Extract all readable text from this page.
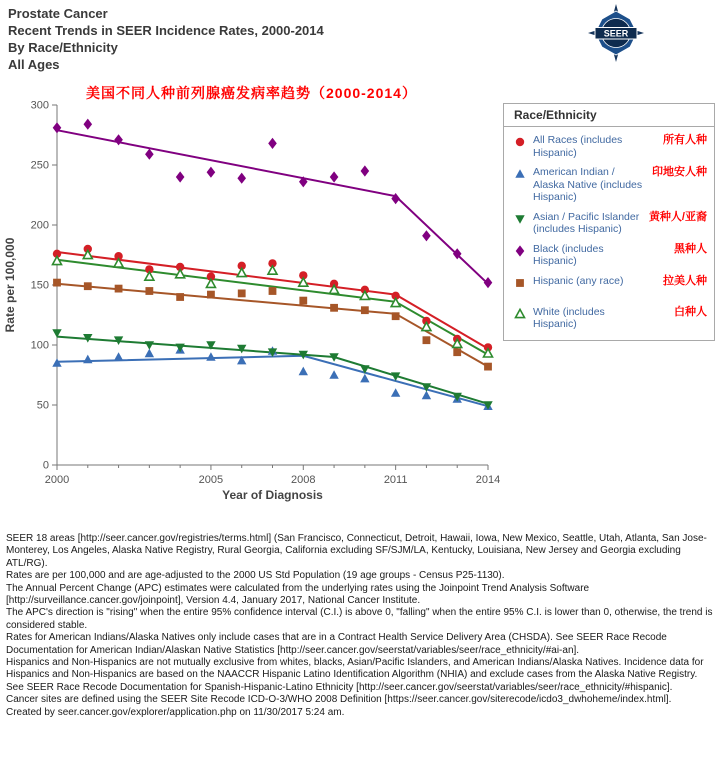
Prostate Cancer
Recent Trends in SEER Incidence Rates, 2000-2014
By Race/Ethnicity
All Ages
SEER
美国不同人种前列腺癌发病率趋势（2000-2014）
0
50
100
150
200
250
300
2000	2005	2008	2011	2014
Year of Diagnosis
Rate per 100,000
Race/Ethnicity
All Races (includes Hispanic)
所有人种
American Indian / Alaska Native (includes Hispanic)
印地安人种
Asian / Pacific Islander (includes Hispanic)
黄种人/亚裔
Black (includes Hispanic)
黑种人
Hispanic (any race)	拉美人种
White (includes Hispanic)
白种人
SEER 18 areas [http://seer.cancer.gov/registries/terms.html] (San Francisco, Connecticut, Detroit, Hawaii, Iowa, New Mexico, Seattle, Utah, Atlanta, San Jose-Monterey, Los Angeles, Alaska Native Registry, Rural Georgia, California excluding SF/SJM/LA, Kentucky, Louisiana, New Jersey and Georgia excluding ATL/RG).
Rates are per 100,000 and are age-adjusted to the 2000 US Std Population (19 age groups - Census P25-1130).
The Annual Percent Change (APC) estimates were calculated from the underlying rates using the Joinpoint Trend Analysis Software [http://surveillance.cancer.gov/joinpoint], Version 4.4, January 2017, National Cancer Institute.
The APC's direction is "rising" when the entire 95% confidence interval (C.I.) is above 0, "falling" when the entire 95% C.I. is lower than 0, otherwise, the trend is considered stable.
Rates for American Indians/Alaska Natives only include cases that are in a Contract Health Service Delivery Area (CHSDA). See SEER Race Recode Documentation for American Indian/Alaskan Native Statistics [http://seer.cancer.gov/seerstat/variables/seer/race_ethnicity/#ai-an].
Hispanics and Non-Hispanics are not mutually exclusive from whites, blacks, Asian/Pacific Islanders, and American Indians/Alaska Natives. Incidence data for Hispanics and Non-Hispanics are based on the NAACCR Hispanic Latino Identification Algorithm (NHIA) and exclude cases from the Alaska Native Registry. See SEER Race Recode Documentation for Spanish-Hispanic-Latino Ethnicity [http://seer.cancer.gov/seerstat/variables/seer/race_ethnicity/#hispanic].
Cancer sites are defined using the SEER Site Recode ICD-O-3/WHO 2008 Definition [https://seer.cancer.gov/siterecode/icdo3_dwhoheme/index.html].
Created by seer.cancer.gov/explorer/application.php on 11/30/2017 5:24 am.
